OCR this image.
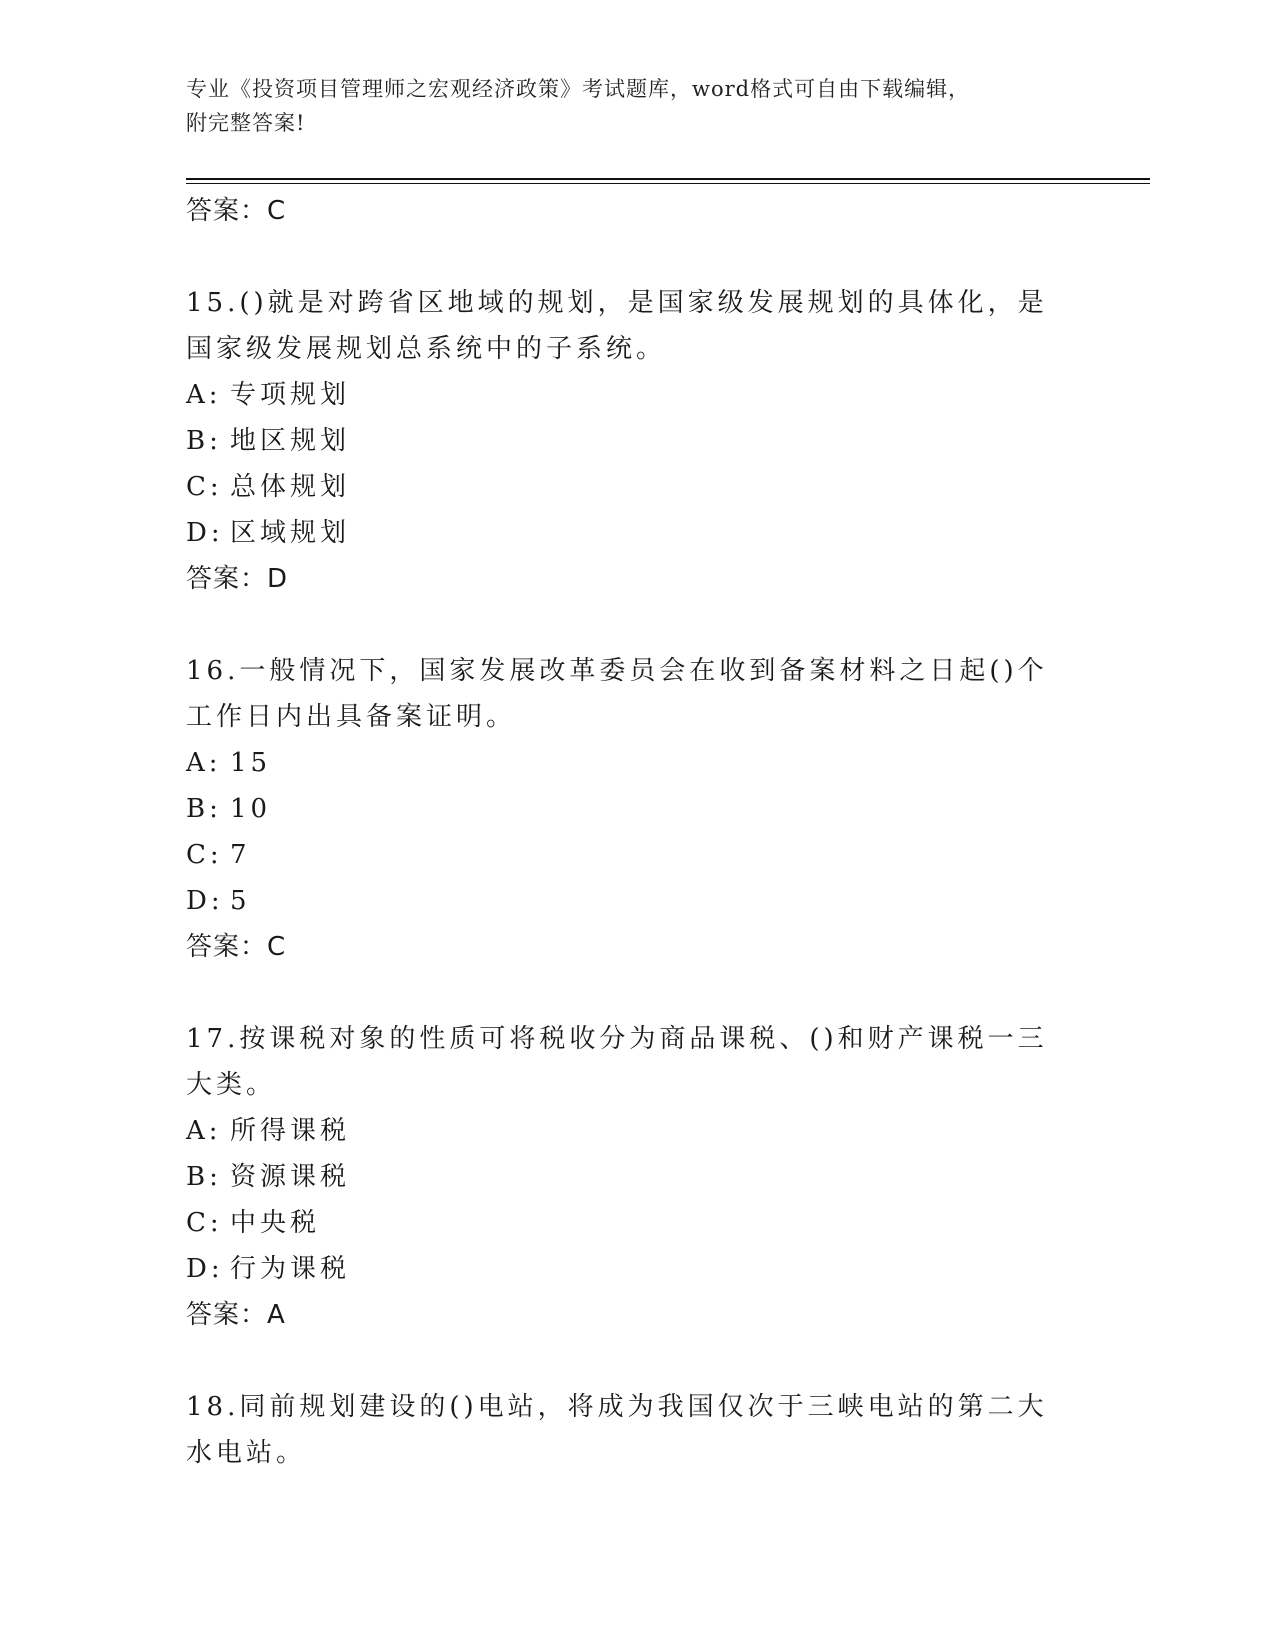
专业《投资项目管理师之宏观经济政策》考试题库，word格式可自由下载编辑，
附完整答案!
答案：C

15.()就是对跨省区地域的规划，是国家级发展规划的具体化，是国家级发展规划总系统中的子系统。

A: 专项规划
B: 地区规划
C: 总体规划
D: 区域规划
答案：D

16.一般情况下，国家发展改革委员会在收到备案材料之日起()个工作日内出具备案证明。

A: 15
B: 10
C: 7
D: 5
答案：C

17.按课税对象的性质可将税收分为商品课税、()和财产课税一三大类。

A: 所得课税
B: 资源课税
C: 中央税
D: 行为课税
答案：A

18.同前规划建设的()电站，将成为我国仅次于三峡电站的第二大水电站。
